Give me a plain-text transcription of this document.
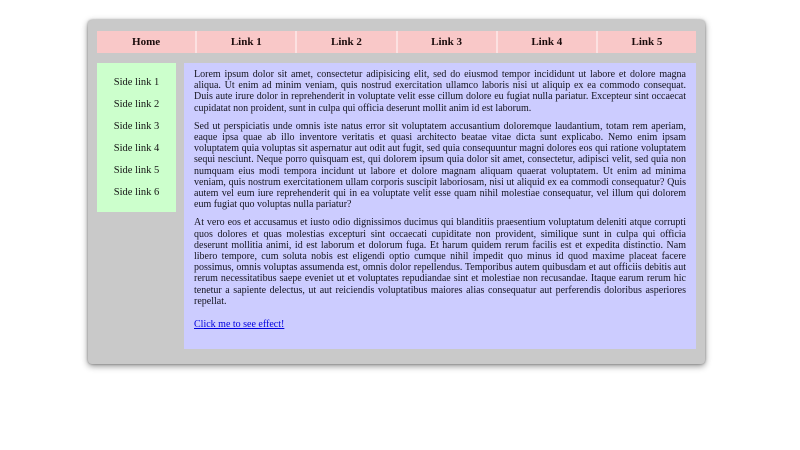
Home	Link 1	Link 2	Link 3	Link 4	Link 5
Side link 1
Side link 2
Side link 3
Side link 4
Side link 5
Side link 6

Lorem ipsum dolor sit amet, consectetur adipisicing elit, sed do eiusmod tempor incididunt ut labore et dolore magna aliqua. Ut enim ad minim veniam, quis nostrud exercitation ullamco laboris nisi ut aliquip ex ea commodo consequat. Duis aute irure dolor in reprehenderit in voluptate velit esse cillum dolore eu fugiat nulla pariatur. Excepteur sint occaecat cupidatat non proident, sunt in culpa qui officia deserunt mollit anim id est laborum.

Sed ut perspiciatis unde omnis iste natus error sit voluptatem accusantium doloremque laudantium, totam rem aperiam, eaque ipsa quae ab illo inventore veritatis et quasi architecto beatae vitae dicta sunt explicabo. Nemo enim ipsam voluptatem quia voluptas sit aspernatur aut odit aut fugit, sed quia consequuntur magni dolores eos qui ratione voluptatem sequi nesciunt. Neque porro quisquam est, qui dolorem ipsum quia dolor sit amet, consectetur, adipisci velit, sed quia non numquam eius modi tempora incidunt ut labore et dolore magnam aliquam quaerat voluptatem. Ut enim ad minima veniam, quis nostrum exercitationem ullam corporis suscipit laboriosam, nisi ut aliquid ex ea commodi consequatur? Quis autem vel eum iure reprehenderit qui in ea voluptate velit esse quam nihil molestiae consequatur, vel illum qui dolorem eum fugiat quo voluptas nulla pariatur?

At vero eos et accusamus et iusto odio dignissimos ducimus qui blanditiis praesentium voluptatum deleniti atque corrupti quos dolores et quas molestias excepturi sint occaecati cupiditate non provident, similique sunt in culpa qui officia deserunt mollitia animi, id est laborum et dolorum fuga. Et harum quidem rerum facilis est et expedita distinctio. Nam libero tempore, cum soluta nobis est eligendi optio cumque nihil impedit quo minus id quod maxime placeat facere possimus, omnis voluptas assumenda est, omnis dolor repellendus. Temporibus autem quibusdam et aut officiis debitis aut rerum necessitatibus saepe eveniet ut et voluptates repudiandae sint et molestiae non recusandae. Itaque earum rerum hic tenetur a sapiente delectus, ut aut reiciendis voluptatibus maiores alias consequatur aut perferendis doloribus asperiores repellat.

Click me to see effect!
